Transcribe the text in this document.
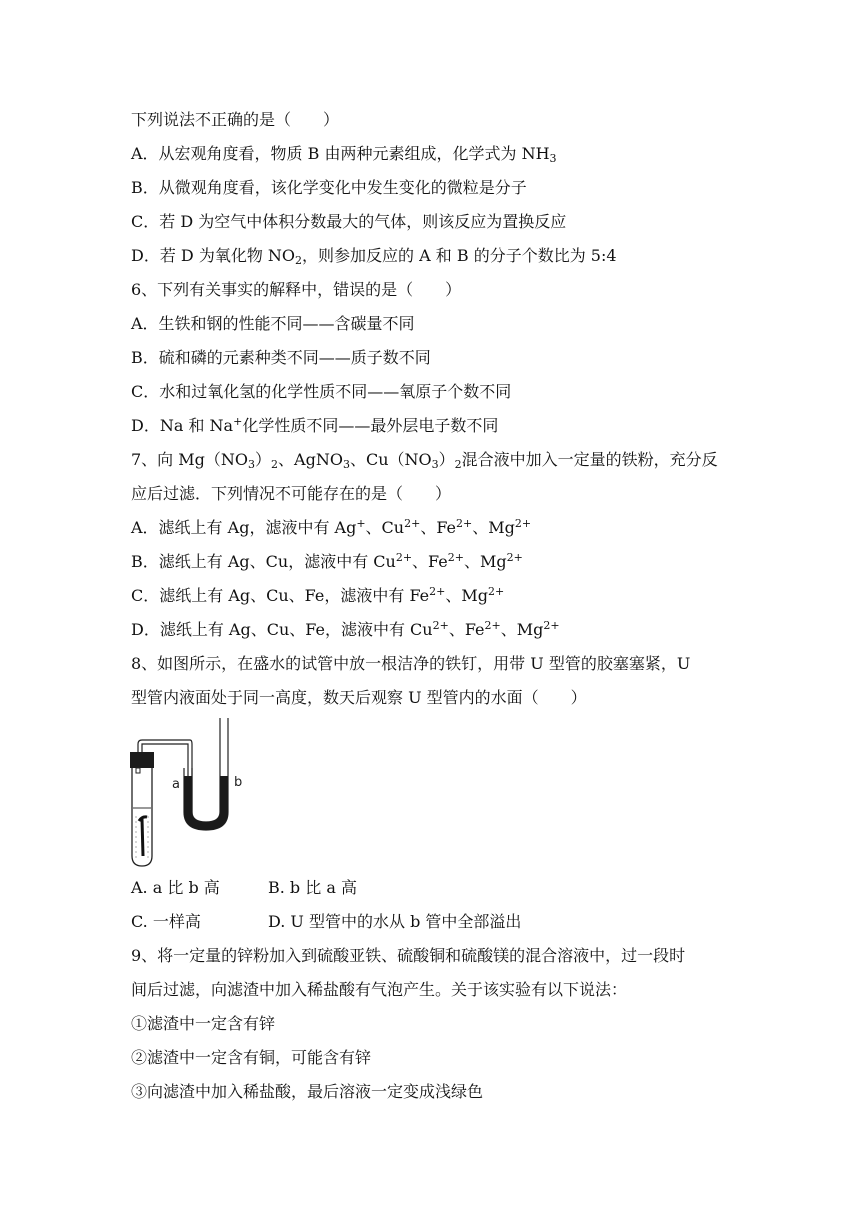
下列说法不正确的是（　　）
A．从宏观角度看，物质 B 由两种元素组成，化学式为 $NH_3$
B．从微观角度看，该化学变化中发生变化的微粒是分子
C．若 D 为空气中体积分数最大的气体，则该反应为置换反应
D．若 D 为氧化物 $NO_2$，则参加反应的 A 和 B 的分子个数比为 5:4
6、下列有关事实的解释中，错误的是（　　）
A．生铁和钢的性能不同——含碳量不同
B．硫和磷的元素种类不同——质子数不同
C．水和过氧化氢的化学性质不同——氧原子个数不同
D．Na 和 Na+化学性质不同——最外层电子数不同
7、向 $Mg(NO_3)_2$、AgNO$_3$、$Cu(NO_3)_2$混合液中加入一定量的铁粉，充分反
应后过滤．下列情况不可能存在的是（　　）
A．滤纸上有 Ag，滤液中有 Ag+、$Cu^{2+}$、$Fe^{2+}$、$Mg^{2+}$
B．滤纸上有 Ag、Cu，滤液中有 $Cu^{2+}$、$Fe^{2+}$、$Mg^{2+}$
C．滤纸上有 Ag、Cu、Fe，滤液中有 $Fe^{2+}$、$Mg^{2+}$
D．滤纸上有 Ag、Cu、Fe，滤液中有 $Cu^{2+}$、$Fe^{2+}$、$Mg^{2+}$
8、如图所示，在盛水的试管中放一根洁净的铁钉，用带 U 型管的胶塞塞紧，U
型管内液面处于同一高度，数天后观察 U 型管内的水面（　　）
a	b
A. a 比 b 高	B. b 比 a 高
C. 一样高	D. U 型管中的水从 b 管中全部溢出
9、将一定量的锌粉加入到硫酸亚铁、硫酸铜和硫酸镁的混合溶液中，过一段时
间后过滤，向滤渣中加入稀盐酸有气泡产生。关于该实验有以下说法：
①滤渣中一定含有锌
②滤渣中一定含有铜，可能含有锌
③向滤渣中加入稀盐酸，最后溶液一定变成浅绿色
